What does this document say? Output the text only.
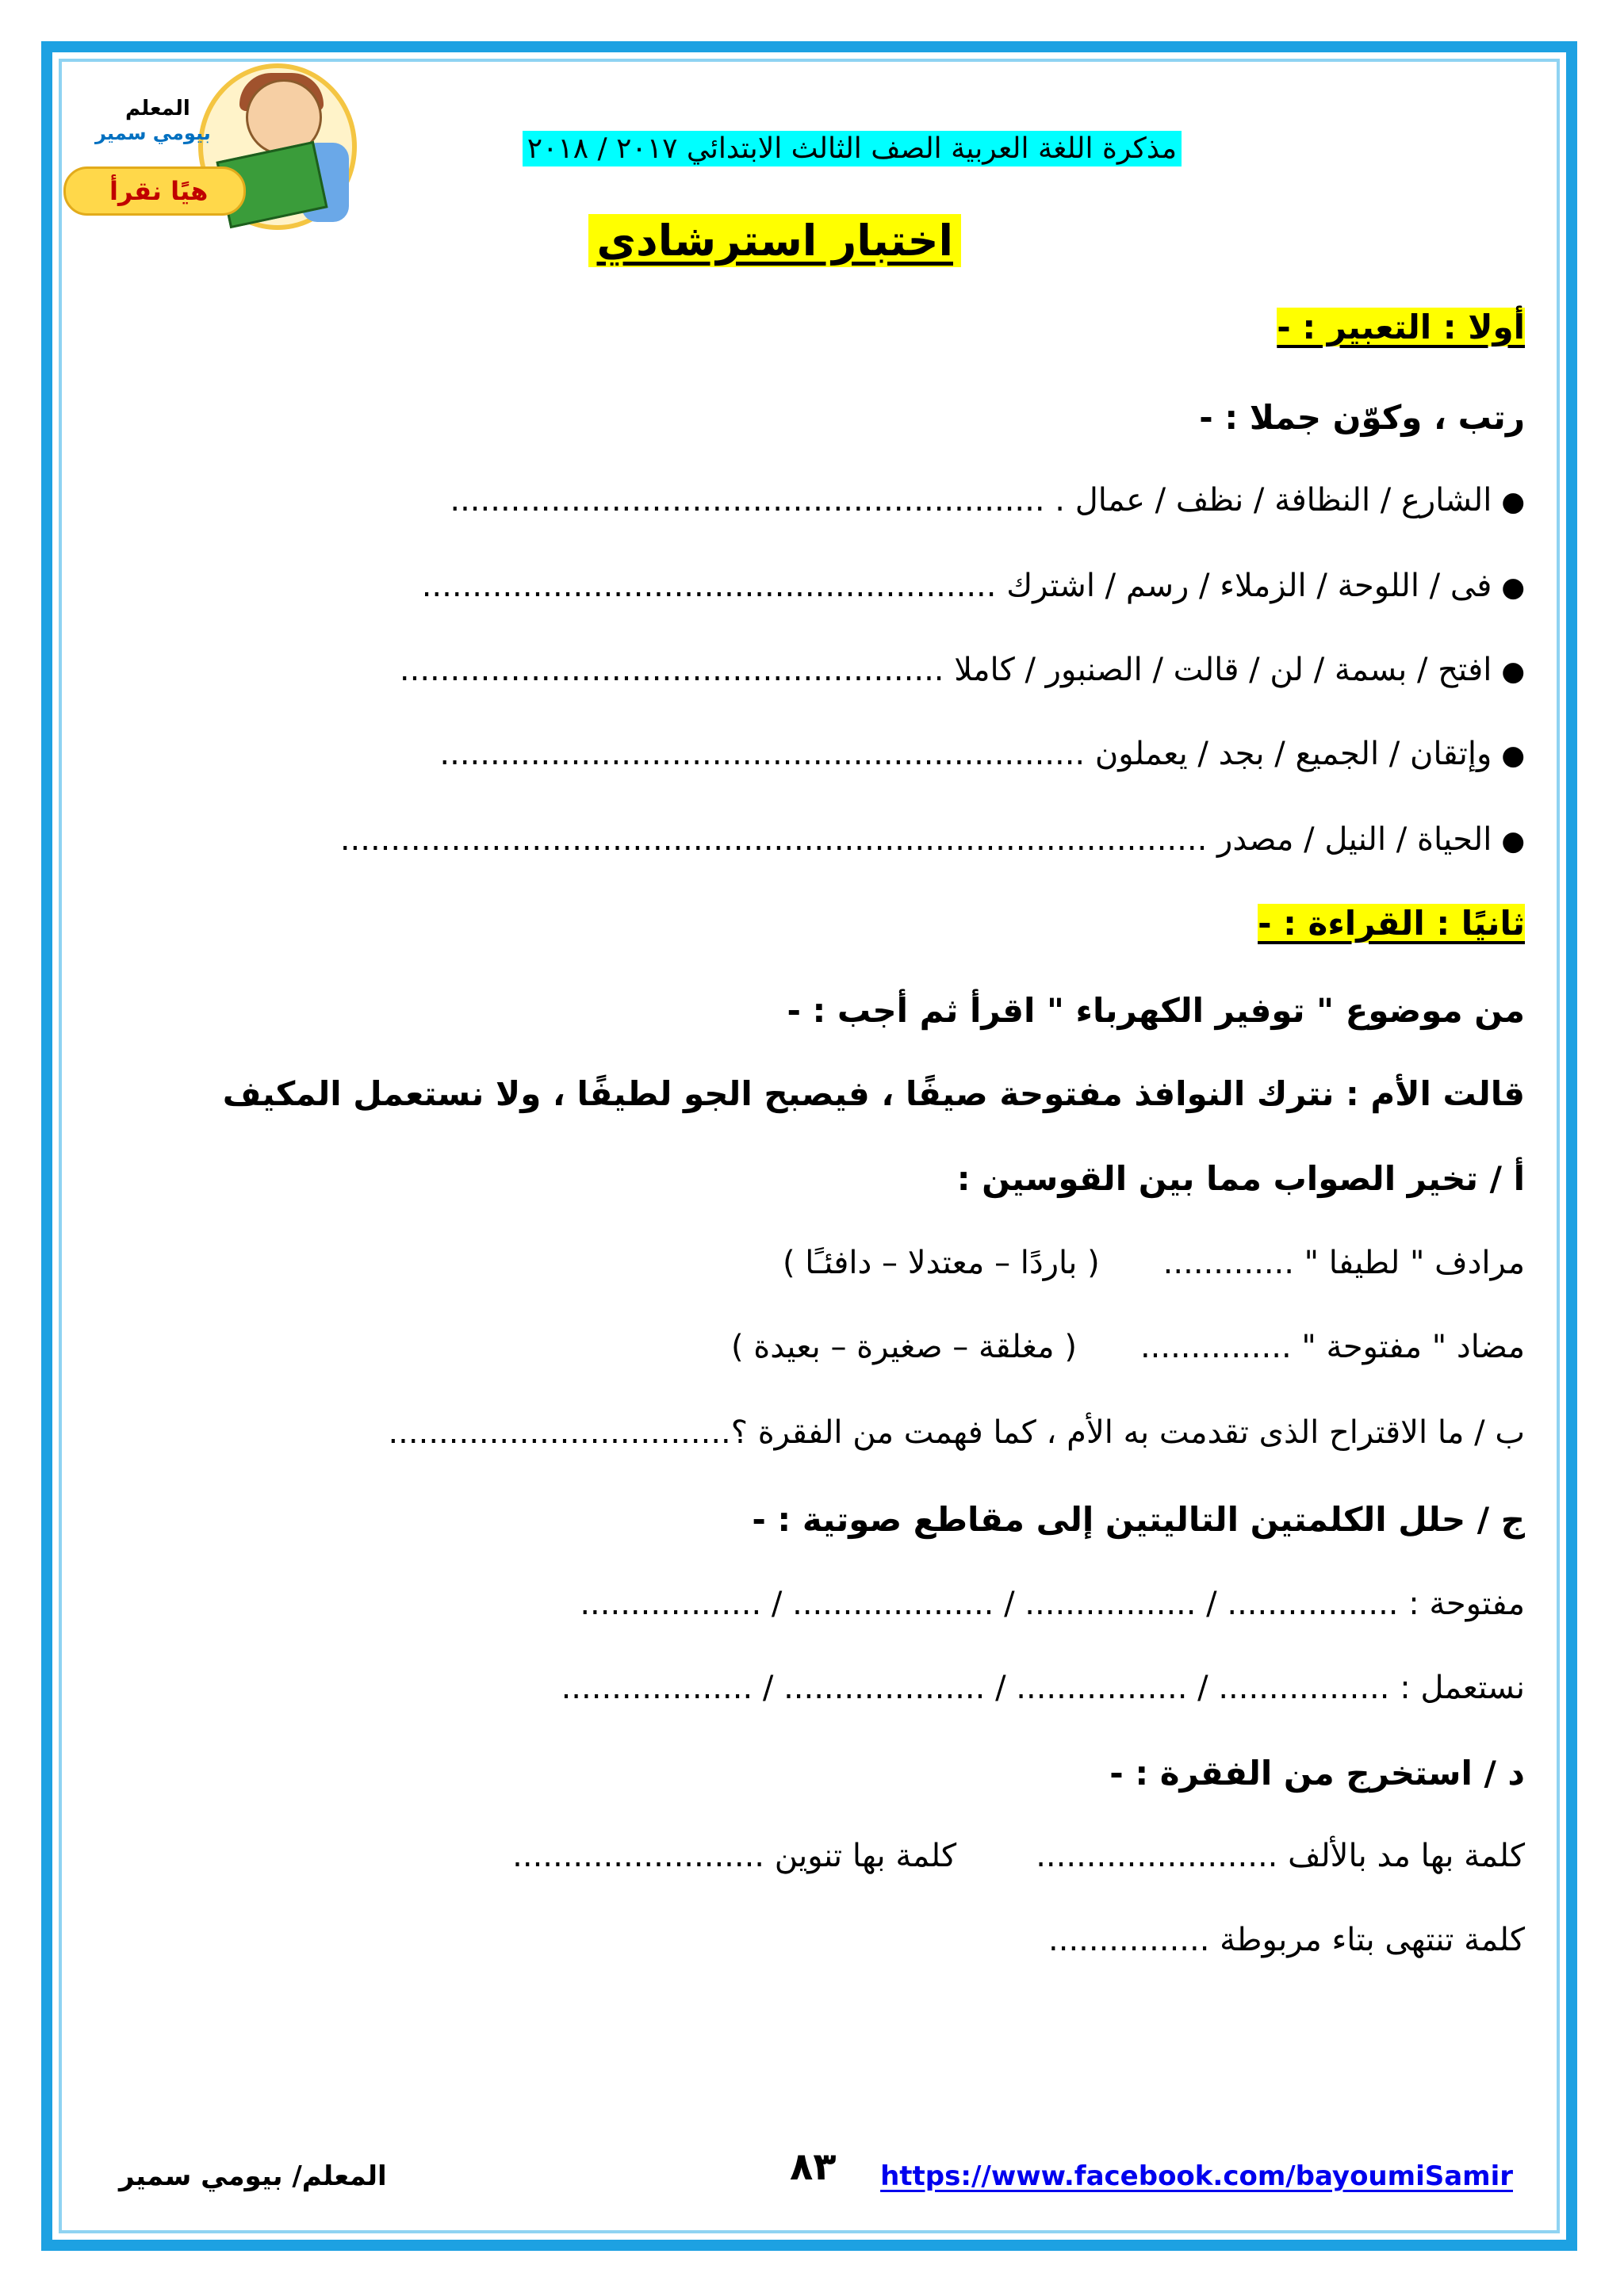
المعلم
بيومي سمير
هيًا نقرأ
مذكرة اللغة العربية الصف الثالث الابتدائي ٢٠١٧ / ٢٠١٨
اختبار استرشادي
أولا : التعبير : -
رتب ، وكوّن جملا : -
●الشارع / النظافة / نظف / عمال . ...........................................................
●فى / اللوحة / الزملاء / رسم / اشترك .........................................................
●افتح / بسمة / لن / قالت / الصنبور / كاملا ......................................................
●وإتقان / الجميع / بجد / يعملون ................................................................
●الحياة / النيل / مصدر ......................................................................................
ثانيًا : القراءة : -
من موضوع " توفير الكهرباء " اقرأ ثم أجب : -
قالت الأم : نترك النوافذ مفتوحة صيفًا ، فيصبح الجو لطيفًا ، ولا نستعمل المكيف
أ / تخير الصواب مما بين القوسين :
مرادف " لطيفا " .............( باردًا – معتدلا – دافئـًا )
مضاد " مفتوحة " ...............( مغلقة – صغيرة – بعيدة )
ب / ما الاقتراح الذى تقدمت به الأم ، كما فهمت من الفقرة ؟..................................
ج / حلل الكلمتين التاليتين إلى مقاطع صوتية : -
مفتوحة : ................. / ................. / .................... / ..................
نستعمل : ................. / ................. / .................... / ...................
د / استخرج من الفقرة : -
كلمة بها مد بالألف ........................كلمة بها تنوين .........................
كلمة تنتهى بتاء مربوطة ................
المعلم/ بيومي سمير	٨٣ https://www.facebook.com/bayoumiSamir
